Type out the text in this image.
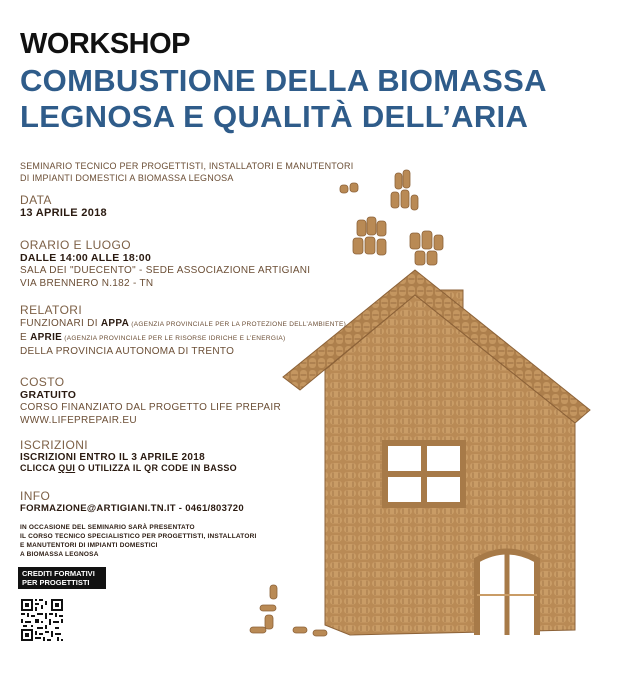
WORKSHOP
COMBUSTIONE DELLA BIOMASSA
LEGNOSA E QUALITÀ DELL’ARIA
SEMINARIO TECNICO PER PROGETTISTI, INSTALLATORI E MANUTENTORI
DI IMPIANTI DOMESTICI A BIOMASSA LEGNOSA
DATA
13 APRILE 2018
ORARIO E LUOGO
DALLE 14:00 ALLE 18:00
SALA DEI "DUECENTO" - SEDE ASSOCIAZIONE ARTIGIANI
VIA BRENNERO N.182 - TN
RELATORI
FUNZIONARI DI APPA (AGENZIA PROVINCIALE PER LA PROTEZIONE DELL’AMBIENTE)
E APRIE (AGENZIA PROVINCIALE PER LE RISORSE IDRICHE E L’ENERGIA)
DELLA PROVINCIA AUTONOMA DI TRENTO
COSTO
GRATUITO
CORSO FINANZIATO DAL PROGETTO LIFE PREPAIR
WWW.LIFEPREPAIR.EU
ISCRIZIONI
ISCRIZIONI ENTRO IL 3 APRILE 2018
CLICCA QUI O UTILIZZA IL QR CODE IN BASSO
INFO
FORMAZIONE@ARTIGIANI.TN.IT - 0461/803720
IN OCCASIONE DEL SEMINARIO SARÀ PRESENTATO
IL CORSO TECNICO SPECIALISTICO PER PROGETTISTI, INSTALLATORI
E MANUTENTORI DI IMPIANTI DOMESTICI
A BIOMASSA LEGNOSA
CREDITI FORMATIVI
PER PROGETTISTI
